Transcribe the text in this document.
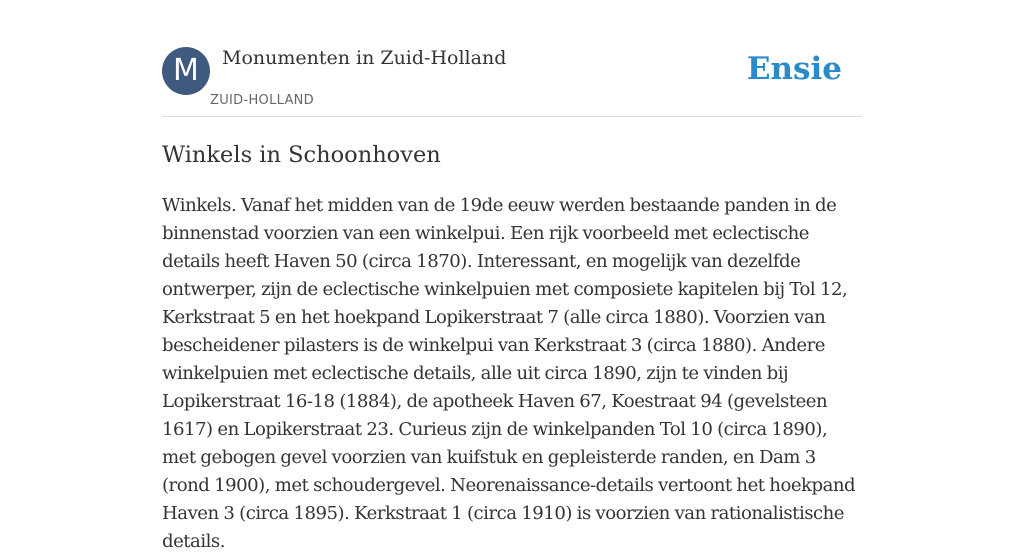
M	Monumenten in Zuid-Holland
ZUID-HOLLAND
Ensie
Winkels in Schoonhoven

Winkels. Vanaf het midden van de 19de eeuw werden bestaande panden in de binnenstad voorzien van een winkelpui. Een rijk voorbeeld met eclectische details heeft Haven 50 (circa 1870). Interessant, en mogelijk van dezelfde ontwerper, zijn de eclectische winkelpuien met composiete kapitelen bij Tol 12, Kerkstraat 5 en het hoekpand Lopikerstraat 7 (alle circa 1880). Voorzien van bescheidener pilasters is de winkelpui van Kerkstraat 3 (circa 1880). Andere winkelpuien met eclectische details, alle uit circa 1890, zijn te vinden bij Lopikerstraat 16-18 (1884), de apotheek Haven 67, Koestraat 94 (gevelsteen 1617) en Lopikerstraat 23. Curieus zijn de winkelpanden Tol 10 (circa 1890), met gebogen gevel voorzien van kuifstuk en gepleisterde randen, en Dam 3 (rond 1900), met schoudergevel. Neorenaissance-details vertoont het hoekpand Haven 3 (circa 1895). Kerkstraat 1 (circa 1910) is voorzien van rationalistische details.
